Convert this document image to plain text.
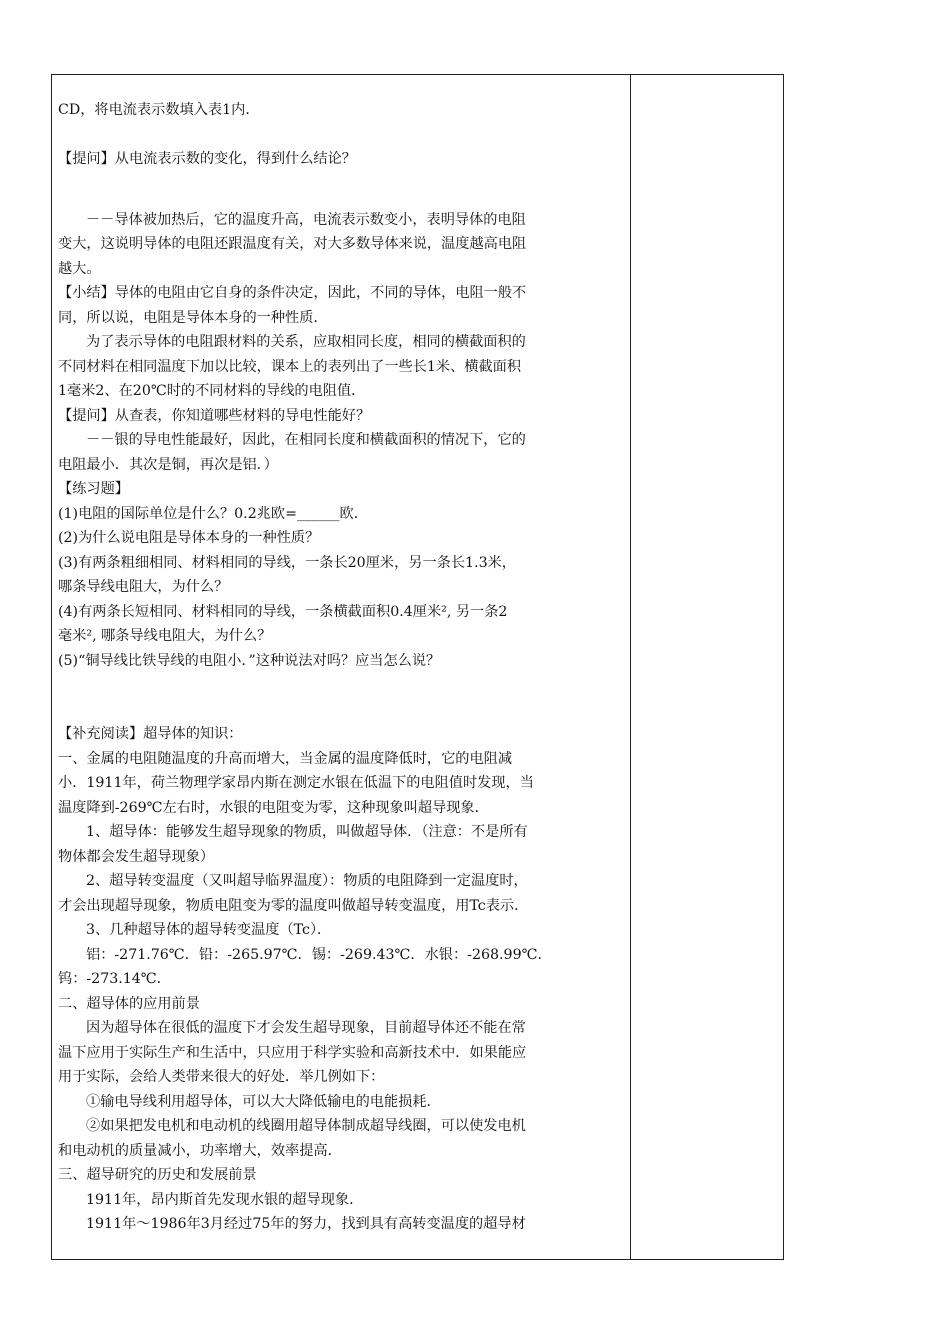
CD，将电流表示数填入表1内．
【提问】从电流表示数的变化，得到什么结论？
－－导体被加热后，它的温度升高，电流表示数变小，表明导体的电阻
变大，这说明导体的电阻还跟温度有关，对大多数导体来说，温度越高电阻
越大。
【小结】导体的电阻由它自身的条件决定，因此，不同的导体，电阻一般不
同，所以说，电阻是导体本身的一种性质．
为了表示导体的电阻跟材料的关系，应取相同长度，相同的横截面积的
不同材料在相同温度下加以比较，课本上的表列出了一些长1米、横截面积
1毫米2、在20℃时的不同材料的导线的电阻值．
【提问】从查表，你知道哪些材料的导电性能好？
－－银的导电性能最好，因此，在相同长度和横截面积的情况下，它的
电阻最小．其次是铜，再次是铝．）
【练习题】
(1)电阻的国际单位是什么？0.2兆欧=______欧．
(2)为什么说电阻是导体本身的一种性质？
(3)有两条粗细相同、材料相同的导线，一条长20厘米，另一条长1.3米，
哪条导线电阻大，为什么？
(4)有两条长短相同、材料相同的导线，一条横截面积0.4厘米², 另一条2
毫米², 哪条导线电阻大，为什么？
(5)“铜导线比铁导线的电阻小．”这种说法对吗？应当怎么说？
【补充阅读】超导体的知识：
一、金属的电阻随温度的升高而增大，当金属的温度降低时，它的电阻减
小．1911年，荷兰物理学家昂内斯在测定水银在低温下的电阻值时发现，当
温度降到-269℃左右时，水银的电阻变为零，这种现象叫超导现象．
1、超导体：能够发生超导现象的物质，叫做超导体．（注意：不是所有
物体都会发生超导现象）
2、超导转变温度（又叫超导临界温度）：物质的电阻降到一定温度时，
才会出现超导现象，物质电阻变为零的温度叫做超导转变温度，用Tc表示．
3、几种超导体的超导转变温度（Tc）．
铝：-271.76℃．铅：-265.97℃．锡：-269.43℃．水银：-268.99℃．
钨：-273.14℃．
二、超导体的应用前景
因为超导体在很低的温度下才会发生超导现象，目前超导体还不能在常
温下应用于实际生产和生活中，只应用于科学实验和高新技术中．如果能应
用于实际，会给人类带来很大的好处．举几例如下：
①输电导线利用超导体，可以大大降低输电的电能损耗．
②如果把发电机和电动机的线圈用超导体制成超导线圈，可以使发电机
和电动机的质量减小，功率增大，效率提高．
三、超导研究的历史和发展前景
1911年，昂内斯首先发现水银的超导现象．
1911年～1986年3月经过75年的努力，找到具有高转变温度的超导材
